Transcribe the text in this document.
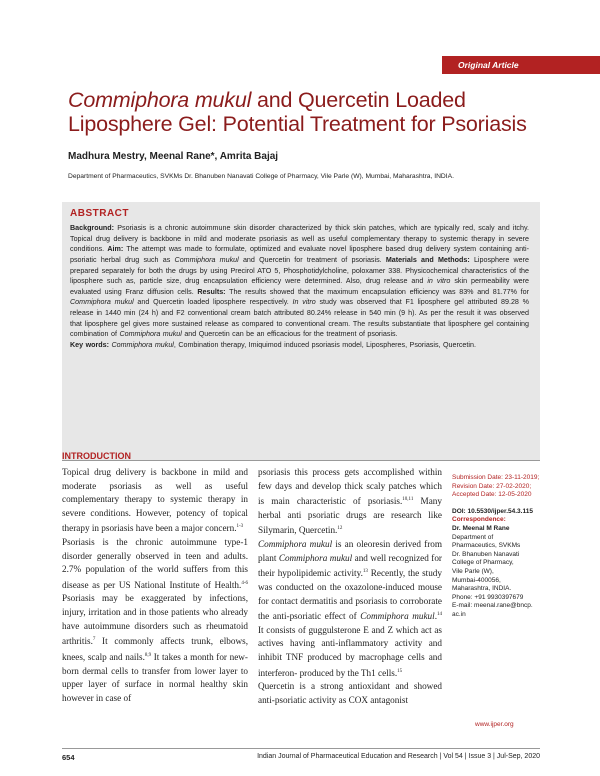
Original Article
Commiphora mukul and Quercetin Loaded
Liposphere Gel: Potential Treatment for Psoriasis
Madhura Mestry, Meenal Rane*, Amrita Bajaj
Department of Pharmaceutics, SVKMs Dr. Bhanuben Nanavati College of Pharmacy, Vile Parle (W), Mumbai, Maharashtra, INDIA.
ABSTRACT
Background: Psoriasis is a chronic autoimmune skin disorder characterized by thick skin patches, which are typically red, scaly and itchy. Topical drug delivery is backbone in mild and moderate psoriasis as well as useful complementary therapy to systemic therapy in severe conditions. Aim: The attempt was made to formulate, optimized and evaluate novel liposphere based drug delivery system containing anti-psoriatic herbal drug such as Commiphora mukul and Quercetin for treatment of psoriasis. Materials and Methods: Liposphere were prepared separately for both the drugs by using Precirol ATO 5, Phosphotidylcholine, poloxamer 338. Physicochemical characteristics of the liposphere such as, particle size, drug encapsulation efficiency were determined. Also, drug release and in vitro skin permeability were evaluated using Franz diffusion cells. Results: The results showed that the maximum encapsulation efficiency was 83% and 81.77% for Commiphora mukul and Quercetin loaded liposphere respectively. In vitro study was observed that F1 liposphere gel attributed 89.28 % release in 1440 min (24 h) and F2 conventional cream batch attributed 80.24% release in 540 min (9 h). As per the result it was observed that liposphere gel gives more sustained release as compared to conventional cream. The results substantiate that liposphere gel containing combination of Commiphora mukul and Quercetin can be an efficacious for the treatment of psoriasis.
Key words: Commiphora mukul, Combination therapy, Imiquimod induced psoriasis model, Lipospheres, Psoriasis, Quercetin.
INTRODUCTION

Topical drug delivery is backbone in mild and moderate psoriasis as well as useful complementary therapy to systemic therapy in severe conditions. However, potency of topical therapy in psoriasis have been a major concern.$^{1-3}$

Psoriasis is the chronic autoimmune type-1 disorder generally observed in teen and adults. 2.7% population of the world suffers from this disease as per US National Institute of Health.$^{4-6}$ Psoriasis may be exaggerated by infections, injury, irritation and in those patients who already have autoimmune disorders such as rheumatoid arthritis.$^7$ It commonly affects trunk, elbows, knees, scalp and nails.$^{8,9}$ It takes a month for new-born dermal cells to transfer from lower layer to upper layer of surface in normal healthy skin however in case of

psoriasis this process gets accomplished within few days and develop thick scaly patches which is main characteristic of psoriasis.$^{10,11}$ Many herbal anti psoriatic drugs are research like Silymarin, Quercetin.$^{12}$

Commiphora mukul is an oleoresin derived from plant Commiphora mukul and well recognized for their hypolipidemic activity.$^{13}$ Recently, the study was conducted on the oxazolone-induced mouse for contact dermatitis and psoriasis to corroborate the anti-psoriatic effect of Commiphora mukul.$^{14}$ It consists of guggulsterone E and Z which act as actives having anti-inflammatory activity and inhibit TNF produced by macrophage cells and interferon- produced by the Th1 cells.$^{15}$

Quercetin is a strong antioxidant and showed anti-psoriatic activity as COX antagonist

Submission Date: 23-11-2019;
Revision Date: 27-02-2020;
Accepted Date: 12-05-2020
DOI: 10.5530/ijper.54.3.115
Correspondence:
Dr. Meenal M Rane
Department of
Pharmaceutics, SVKMs
Dr. Bhanuben Nanavati
College of Pharmacy,
Vile Parle (W),
Mumbai-400056,
Maharashtra, INDIA.
Phone: +91 9930397679
E-mail: meenal.rane@bncp.
ac.in
www.ijper.org
654	Indian Journal of Pharmaceutical Education and Research | Vol 54 | Issue 3 | Jul-Sep, 2020
